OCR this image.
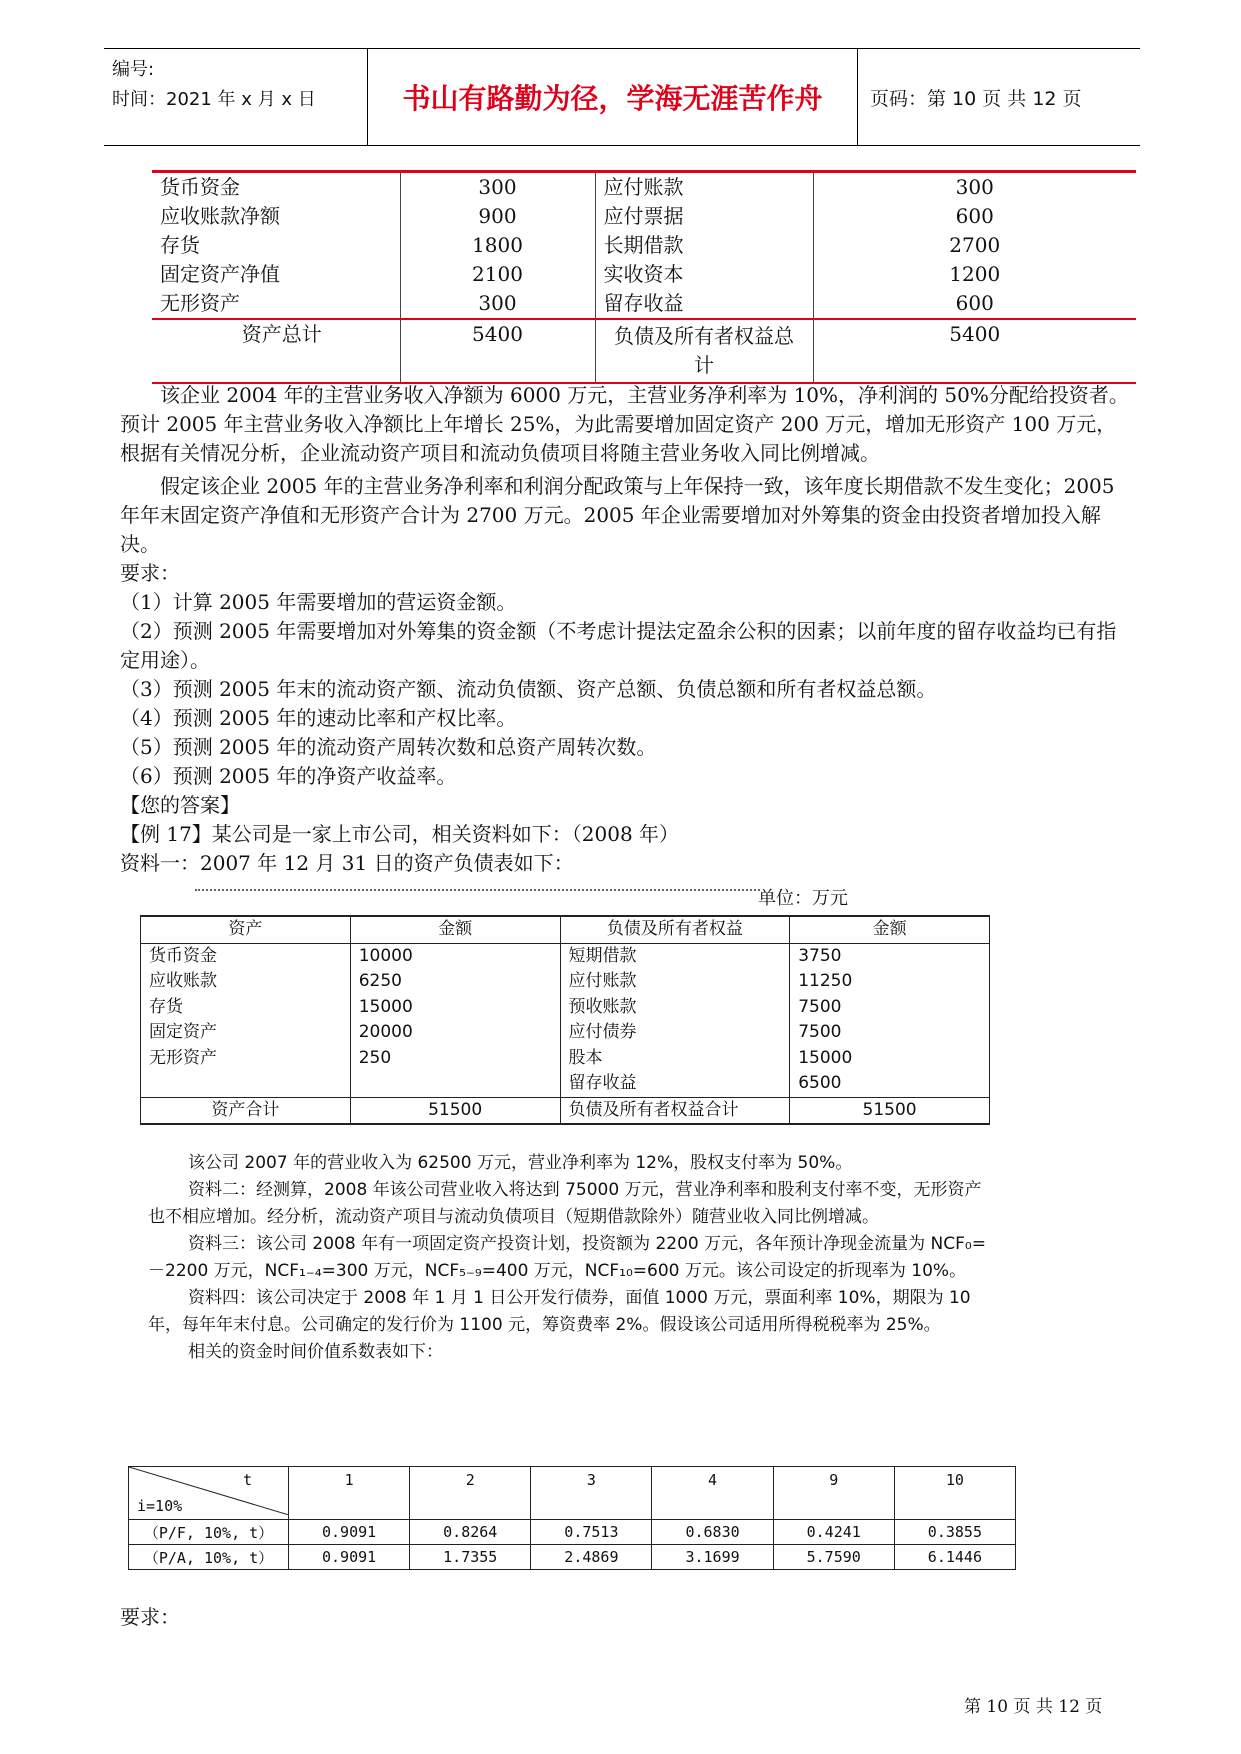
编号:
时间：2021 年 x 月 x 日	书山有路勤为径，学海无涯苦作舟	页码：第 10 页 共 12 页
货币资金	300	应付账款	300
应收账款净额	900	应付票据	600
存货	1800	长期借款	2700
固定资产净值	2100	实收资本	1200
无形资产	300	留存收益	600
资产总计	5400	负债及所有者权益总计	5400
该企业 2004 年的主营业务收入净额为 6000 万元，主营业务净利率为 10%，净利润的 50%分配给投资者。预计 2005 年主营业务收入净额比上年增长 25%，为此需要增加固定资产 200 万元，增加无形资产 100 万元，根据有关情况分析，企业流动资产项目和流动负债项目将随主营业务收入同比例增减。
假定该企业 2005 年的主营业务净利率和利润分配政策与上年保持一致，该年度长期借款不发生变化；2005 年年末固定资产净值和无形资产合计为 2700 万元。2005 年企业需要增加对外筹集的资金由投资者增加投入解决。
要求：
（1）计算 2005 年需要增加的营运资金额。
（2）预测 2005 年需要增加对外筹集的资金额（不考虑计提法定盈余公积的因素；以前年度的留存收益均已有指定用途）。
（3）预测 2005 年末的流动资产额、流动负债额、资产总额、负债总额和所有者权益总额。
（4）预测 2005 年的速动比率和产权比率。
（5）预测 2005 年的流动资产周转次数和总资产周转次数。
（6）预测 2005 年的净资产收益率。
【您的答案】
【例 17】某公司是一家上市公司，相关资料如下：（2008 年）
资料一：2007 年 12 月 31 日的资产负债表如下：
单位：万元
资产	金额	负债及所有者权益	金额
货币资金	10000	短期借款	3750
应收账款	6250	应付账款	11250
存货	15000	预收账款	7500
固定资产	20000	应付债券	7500
无形资产	250	股本	15000
		留存收益	6500
资产合计	51500	负债及所有者权益合计	51500
该公司 2007 年的营业收入为 62500 万元，营业净利率为 12%，股权支付率为 50%。
资料二：经测算，2008 年该公司营业收入将达到 75000 万元，营业净利率和股利支付率不变，无形资产也不相应增加。经分析，流动资产项目与流动负债项目（短期借款除外）随营业收入同比例增减。
资料三：该公司 2008 年有一项固定资产投资计划，投资额为 2200 万元，各年预计净现金流量为 NCF₀= －2200 万元，NCF₁₋₄=300 万元，NCF₅₋₉=400 万元，NCF₁₀=600 万元。该公司设定的折现率为 10%。
资料四：该公司决定于 2008 年 1 月 1 日公开发行债券，面值 1000 万元，票面利率 10%，期限为 10 年，每年年末付息。公司确定的发行价为 1100 元，筹资费率 2%。假设该公司适用所得税税率为 25%。
相关的资金时间价值系数表如下：
t
i=10%	1	2	3	4	9	10
（P/F, 10%, t）	0.9091	0.8264	0.7513	0.6830	0.4241	0.3855
（P/A, 10%, t）	0.9091	1.7355	2.4869	3.1699	5.7590	6.1446
要求：
第 10 页 共 12 页
